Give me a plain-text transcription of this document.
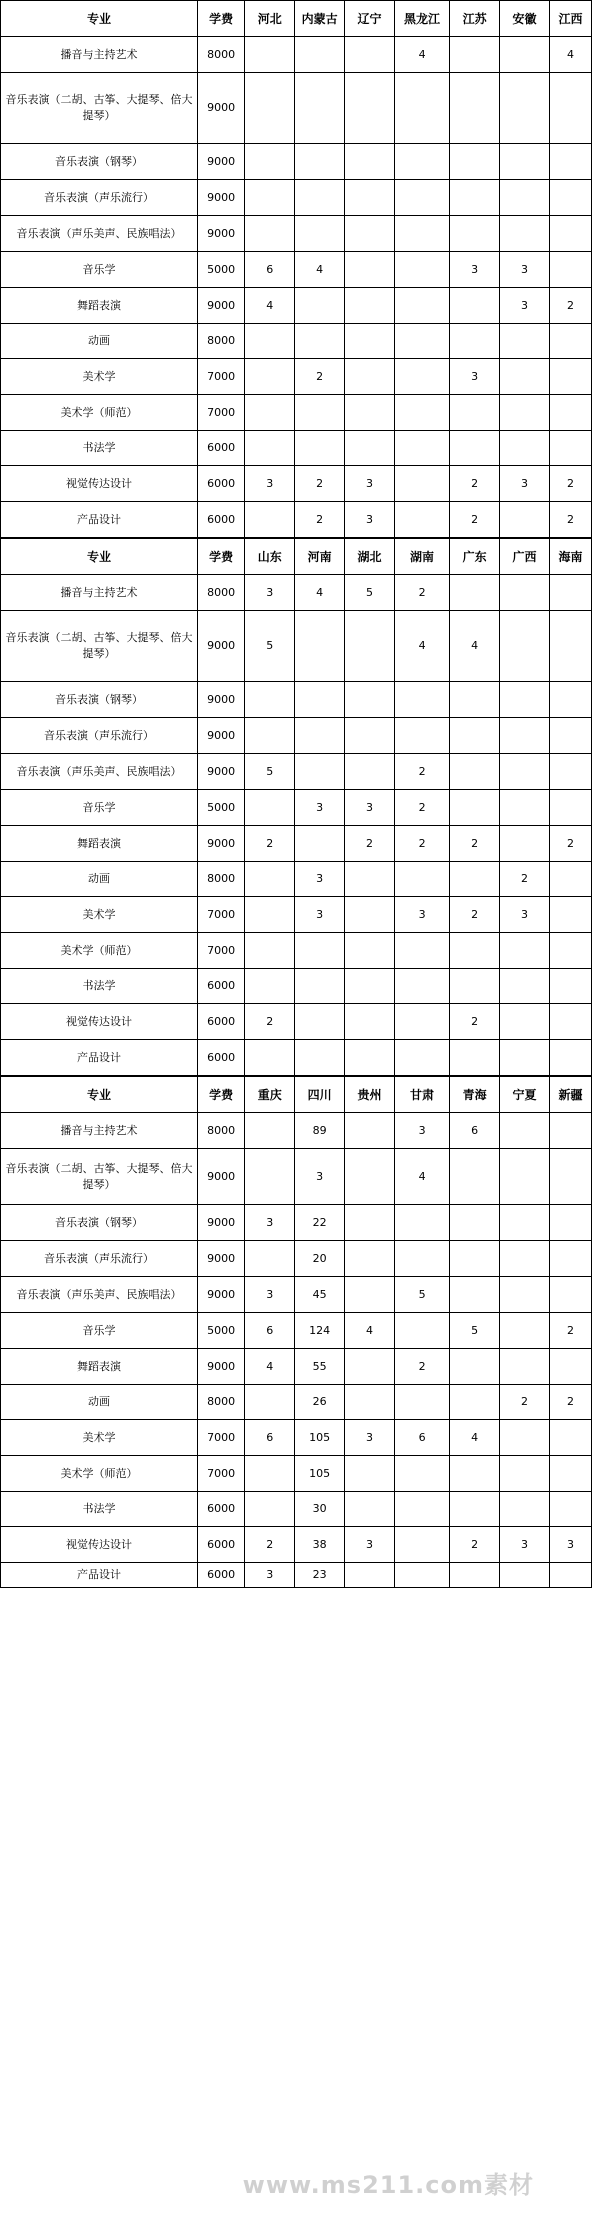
专业	学费	河北	内蒙古	辽宁	黑龙江	江苏	安徽	江西
播音与主持艺术	8000				4			4
音乐表演（二胡、古筝、大提琴、倍大提琴）	9000							
音乐表演（钢琴）	9000							
音乐表演（声乐流行）	9000							
音乐表演（声乐美声、民族唱法）	9000							
音乐学	5000	6	4			3	3	
舞蹈表演	9000	4					3	2
动画	8000							
美术学	7000		2			3		
美术学（师范）	7000							
书法学	6000							
视觉传达设计	6000	3	2	3		2	3	2
产品设计	6000		2	3		2		2
专业	学费	山东	河南	湖北	湖南	广东	广西	海南
播音与主持艺术	8000	3	4	5	2			
音乐表演（二胡、古筝、大提琴、倍大提琴）	9000	5			4	4		
音乐表演（钢琴）	9000							
音乐表演（声乐流行）	9000							
音乐表演（声乐美声、民族唱法）	9000	5			2			
音乐学	5000		3	3	2			
舞蹈表演	9000	2		2	2	2		2
动画	8000		3				2	
美术学	7000		3		3	2	3	
美术学（师范）	7000							
书法学	6000							
视觉传达设计	6000	2				2		
产品设计	6000							
专业	学费	重庆	四川	贵州	甘肃	青海	宁夏	新疆
播音与主持艺术	8000		89		3	6		
音乐表演（二胡、古筝、大提琴、倍大提琴）	9000		3		4			
音乐表演（钢琴）	9000	3	22					
音乐表演（声乐流行）	9000		20					
音乐表演（声乐美声、民族唱法）	9000	3	45		5			
音乐学	5000	6	124	4		5		2
舞蹈表演	9000	4	55		2			
动画	8000		26				2	2
美术学	7000	6	105	3	6	4		
美术学（师范）	7000		105					
书法学	6000		30					
视觉传达设计	6000	2	38	3		2	3	3
产品设计	6000	3	23					
www.ms211.com素材
